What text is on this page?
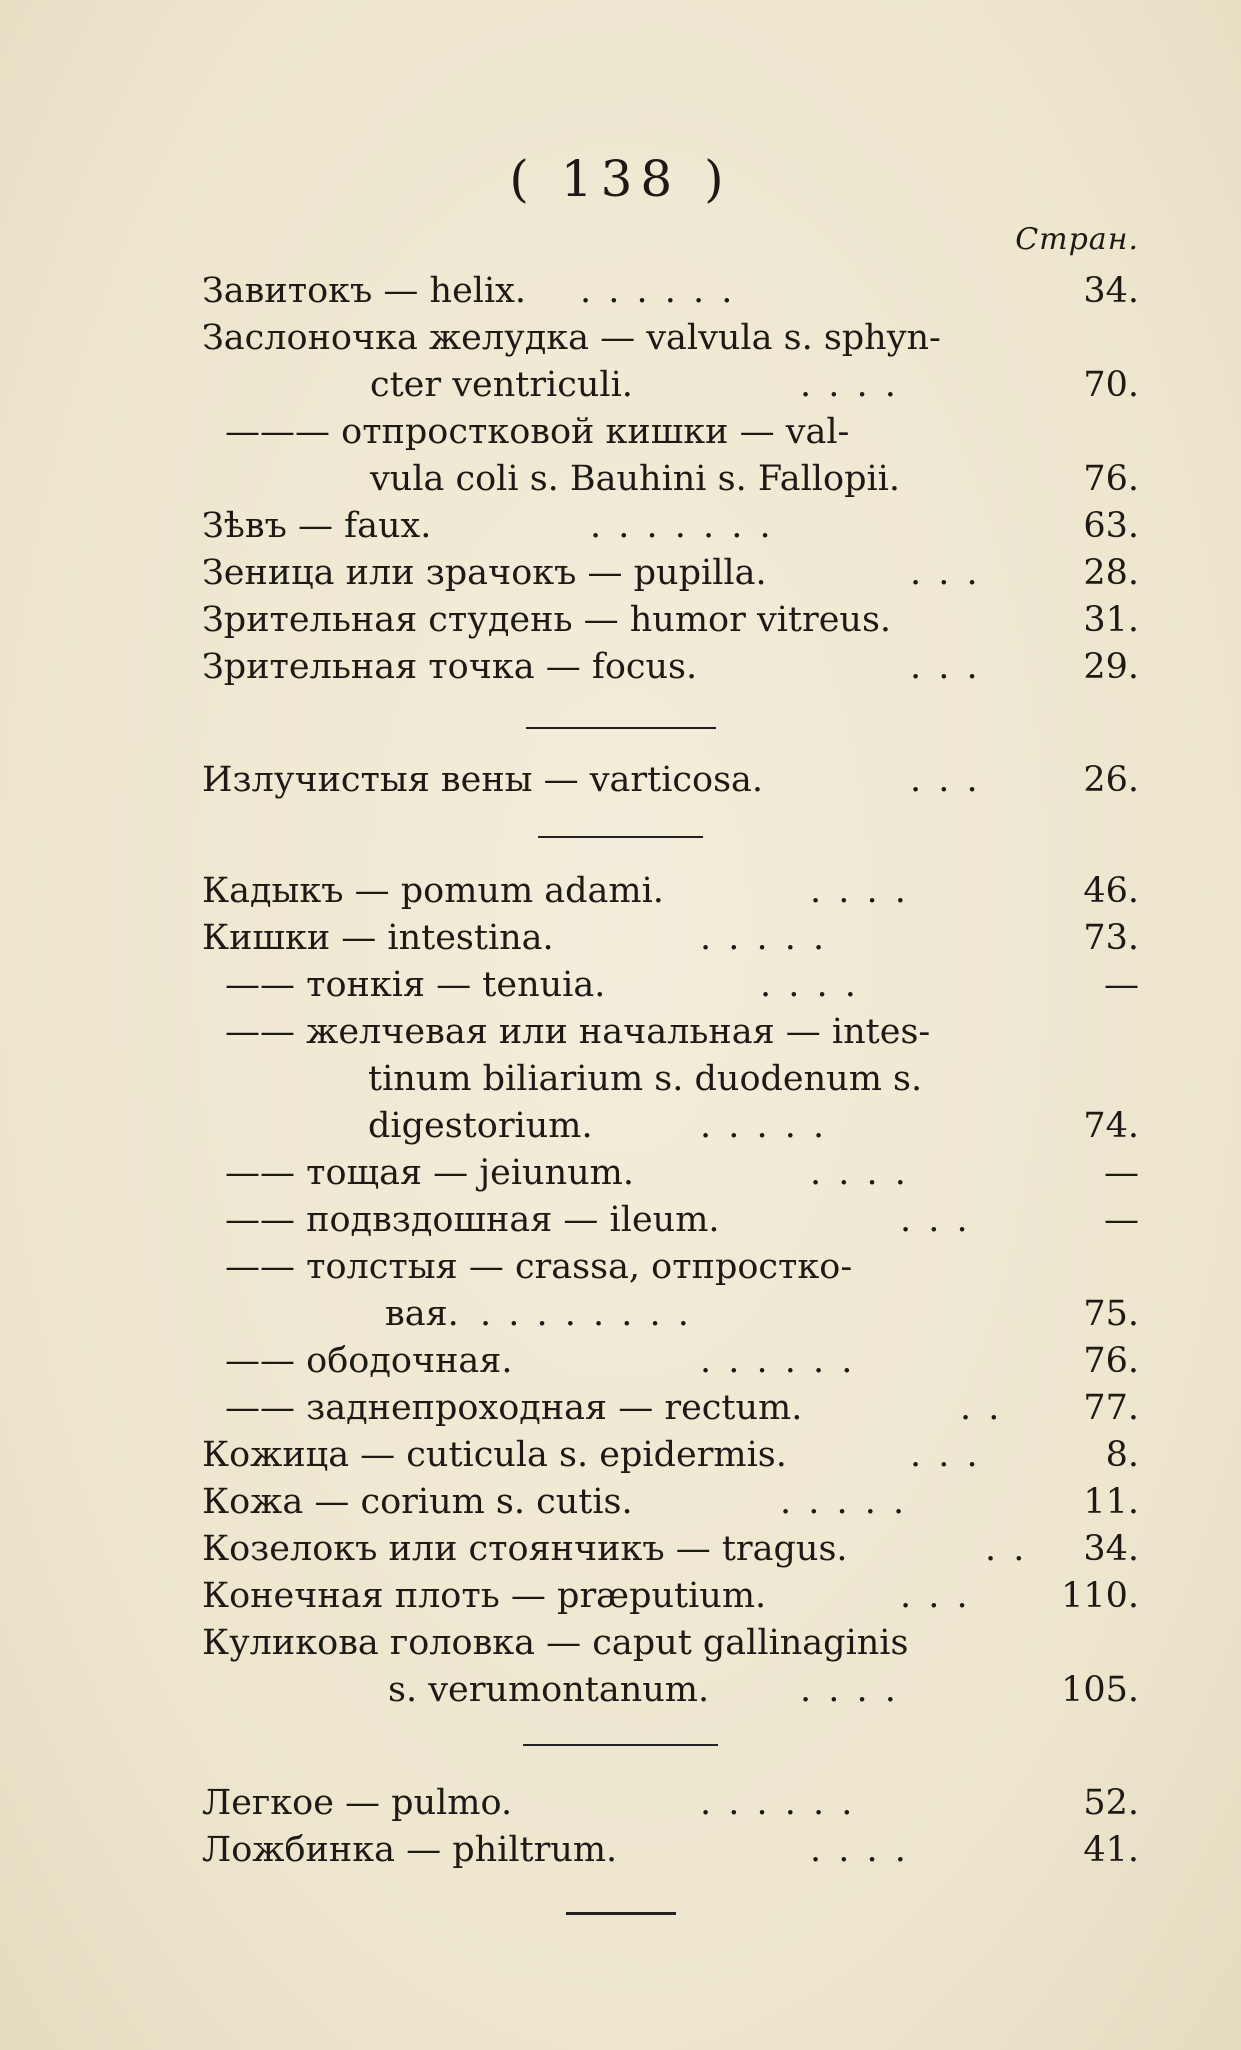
( 138 )
Стран.
Завитокъ — helix. . . . . . .	34.
Заслоночка желудка — valvula s. sphyn-
cter ventriculi.	. . . .	70.
——— отпростковой кишки — val-
vula coli s. Bauhini s. Fallopii.	76.
Зѣвъ — faux.	. . . . . . .	63.
Зеница или зрачокъ — pupilla.	. . .	28.
Зрительная студень — humor vitreus.	31.
Зрительная точка — focus.	. . .	29.
Излучистыя вены — varticosa.	. . .	26.
Кадыкъ — pomum adami.	. . . .	46.
Кишки — intestina.	. . . . .	73.
—— тонкія — tenuia.	. . . .	—
—— желчевая или начальная — intes-
tinum biliarium s. duodenum s.
digestorium.	. . . . .	74.
—— тощая — jeiunum.	. . . .	—
—— подвздошная — ileum.	. . .	—
—— толстыя — crassa, отпростко-
вая. . . . . . . . .	75.
—— ободочная.	. . . . . .	76.
—— заднепроходная — rectum.	. . 77.
Кожица — cuticula s. epidermis.	. . .	8.
Кожа — corium s. cutis.	. . . . .	11.
Козелокъ или стоянчикъ — tragus.	. . 34.
Конечная плоть — præputium.	. . .	110.
Куликова головка — caput gallinaginis
s. verumontanum.	. . . .	105.
Легкое — pulmo.	. . . . . .	52.
Ложбинка — philtrum.	. . . .	41.
